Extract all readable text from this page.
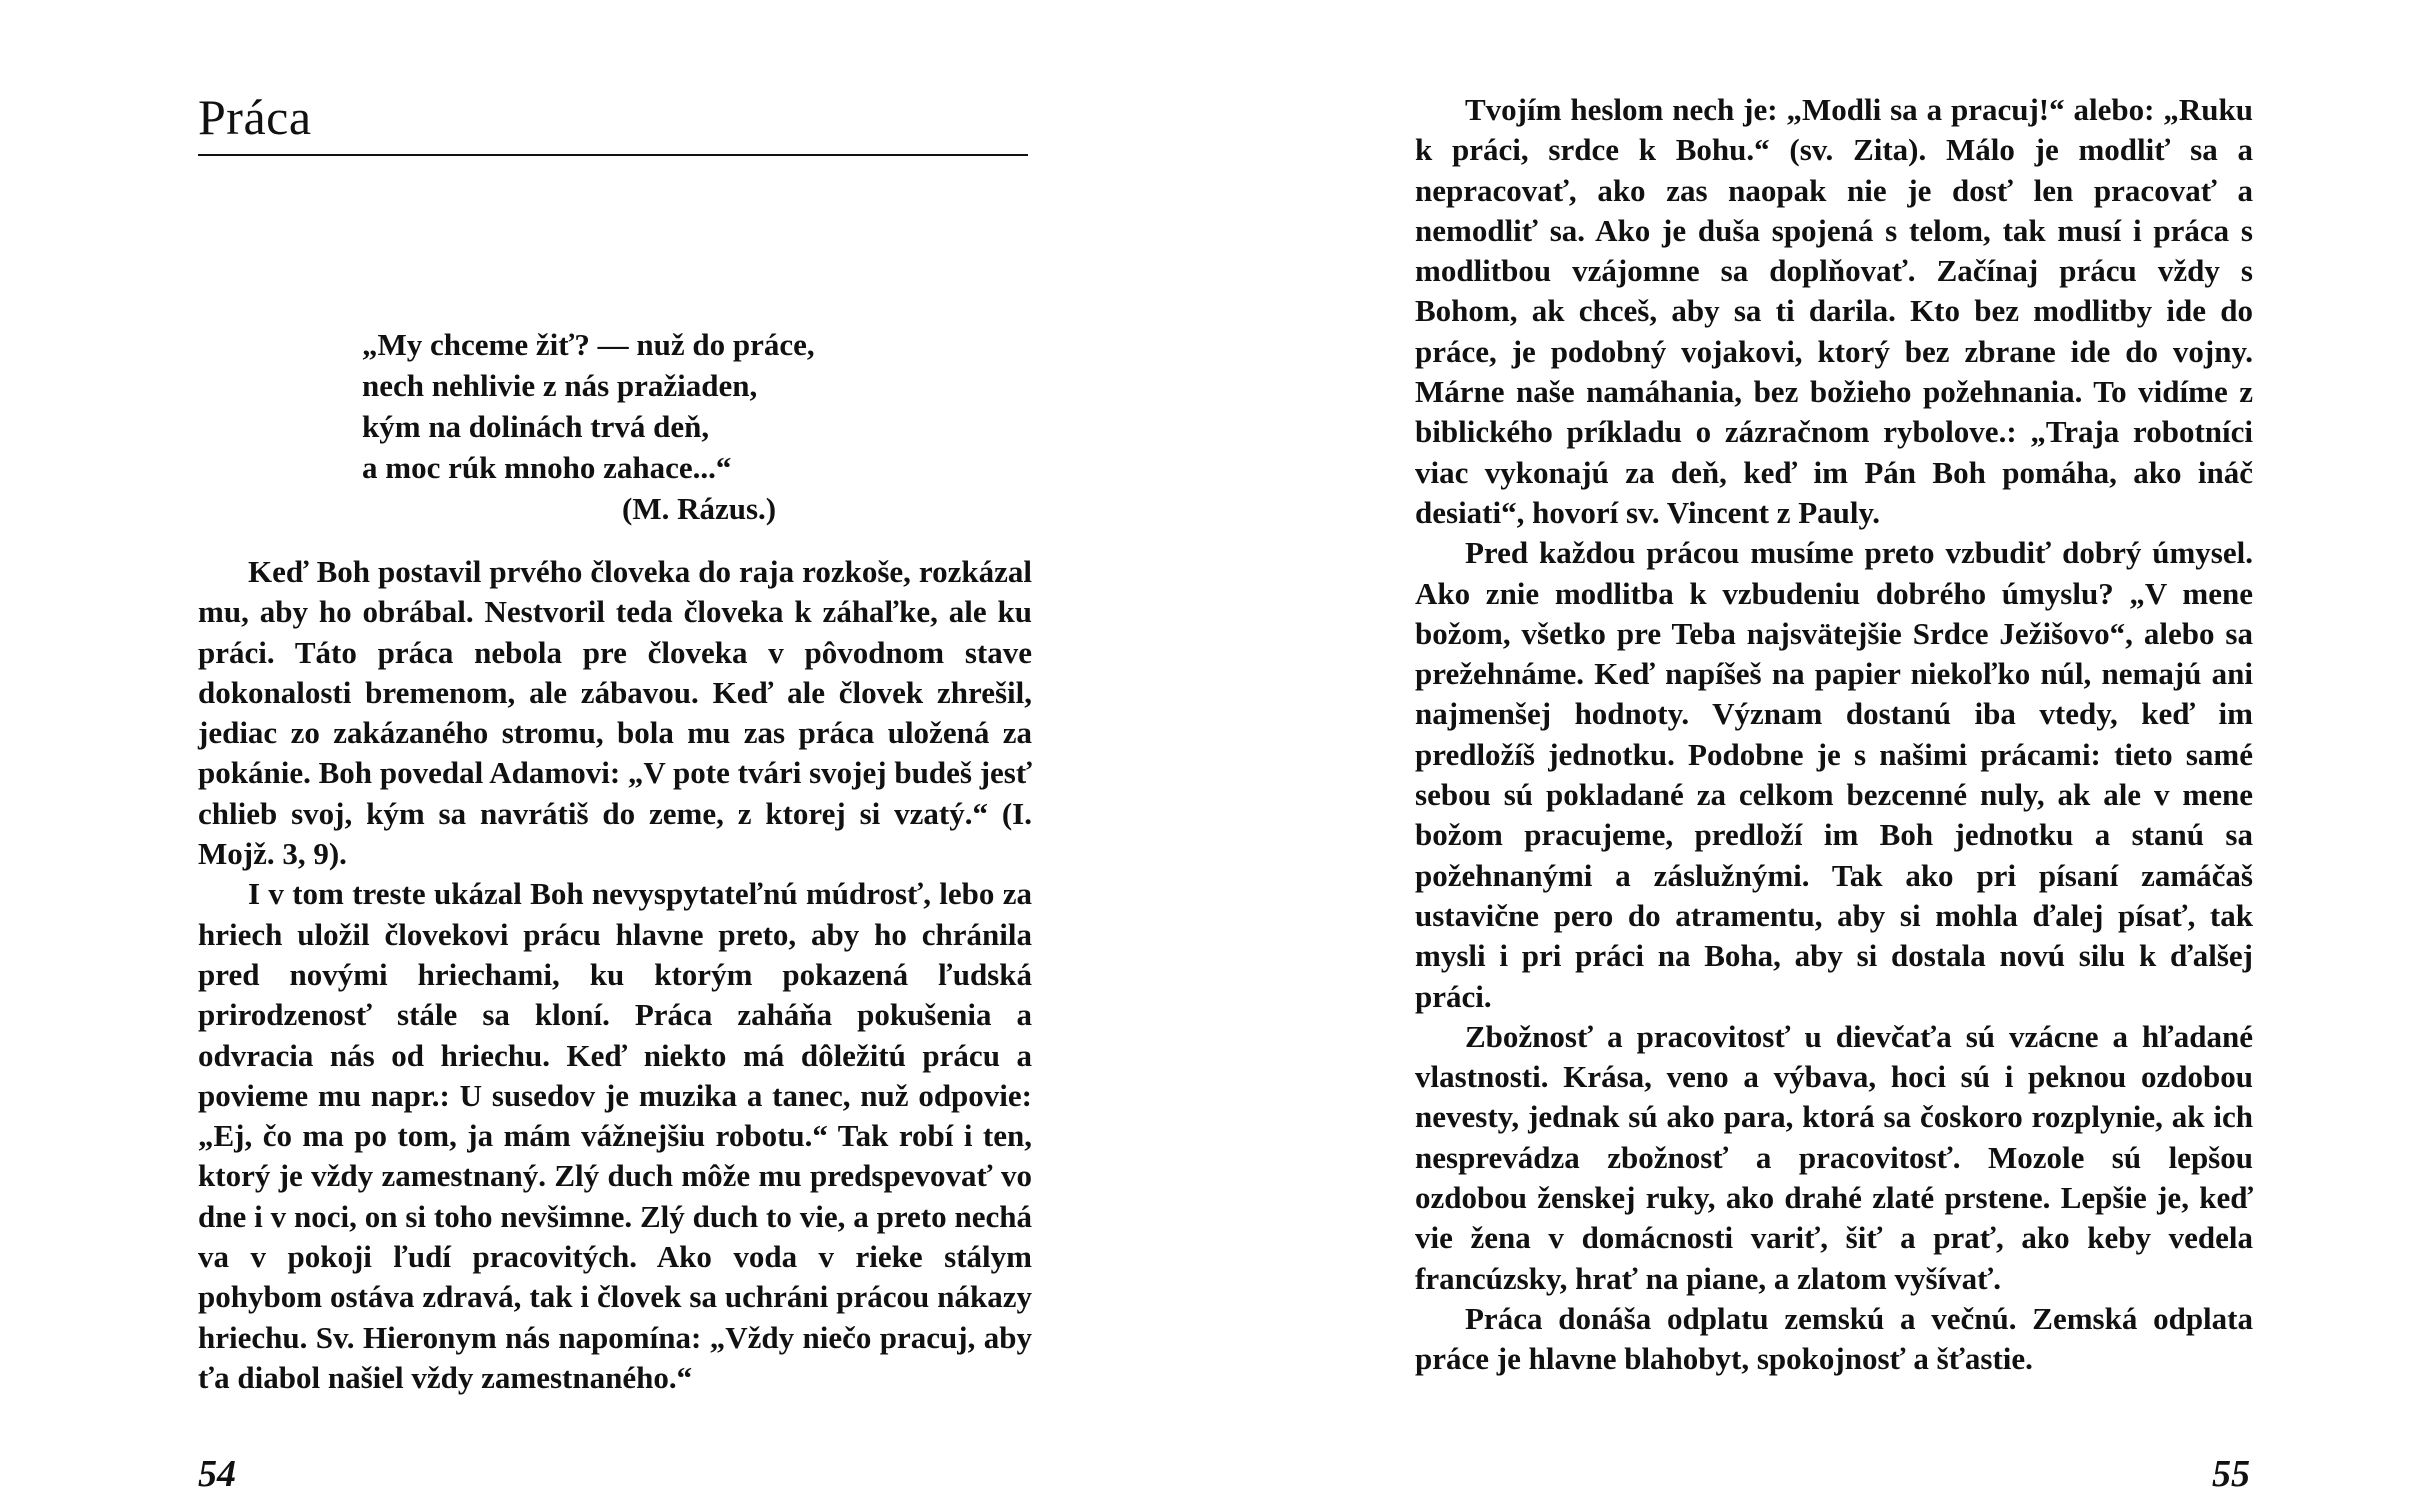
Práca
„My chceme žiť? — nuž do práce,
nech nehlivie z nás pražiaden,
kým na dolinách trvá deň,
a moc rúk mnoho zahace...“
(M. Rázus.)

Keď Boh postavil prvého človeka do raja rozkoše, rozkázal mu, aby ho obrábal. Nestvoril teda človeka k záhaľke, ale ku práci. Táto práca nebola pre človeka v pôvodnom stave dokonalosti bremenom, ale zábavou. Keď ale človek zhrešil, jediac zo zakázaného stromu, bola mu zas práca uložená za pokánie. Boh povedal Adamovi: „V pote tvári svojej budeš jesť chlieb svoj, kým sa navrátiš do zeme, z ktorej si vzatý.“ (I. Mojž. 3, 9).

I v tom treste ukázal Boh nevyspytateľnú múdrosť, lebo za hriech uložil človekovi prácu hlavne preto, aby ho chránila pred novými hriechami, ku ktorým pokazená ľudská prirodzenosť stále sa kloní. Práca zaháňa pokušenia a odvracia nás od hriechu. Keď niekto má dôležitú prácu a povieme mu napr.: U susedov je muzika a tanec, nuž odpovie: „Ej, čo ma po tom, ja mám vážnejšiu robotu.“ Tak robí i ten, ktorý je vždy zamestnaný. Zlý duch môže mu predspevovať vo dne i v noci, on si toho nevšimne. Zlý duch to vie, a preto nechá va v pokoji ľudí pracovitých. Ako voda v rieke stálym pohybom ostáva zdravá, tak i človek sa uchráni prácou nákazy hriechu. Sv. Hieronym nás napomína: „Vždy niečo pracuj, aby ťa diabol našiel vždy zamestnaného.“

54

Tvojím heslom nech je: „Modli sa a pracuj!“ alebo: „Ruku k práci, srdce k Bohu.“ (sv. Zita). Málo je modliť sa a nepracovať, ako zas naopak nie je dosť len pracovať a nemodliť sa. Ako je duša spojená s telom, tak musí i práca s modlitbou vzájomne sa doplňovať. Začínaj prácu vždy s Bohom, ak chceš, aby sa ti darila. Kto bez modlitby ide do práce, je podobný vojakovi, ktorý bez zbrane ide do vojny. Márne naše namáhania, bez božieho požehnania. To vidíme z biblického príkladu o zázračnom rybolove.: „Traja robotníci viac vykonajú za deň, keď im Pán Boh pomáha, ako ináč desiati“, hovorí sv. Vincent z Pauly.

Pred každou prácou musíme preto vzbudiť dobrý úmysel. Ako znie modlitba k vzbudeniu dobrého úmyslu? „V mene božom, všetko pre Teba najsvätejšie Srdce Ježišovo“, alebo sa prežehnáme. Keď napíšeš na papier niekoľko núl, nemajú ani najmenšej hodnoty. Význam dostanú iba vtedy, keď im predložíš jednotku. Podobne je s našimi prácami: tieto samé sebou sú pokladané za celkom bezcenné nuly, ak ale v mene božom pracujeme, predloží im Boh jednotku a stanú sa požehnanými a záslužnými. Tak ako pri písaní zamáčaš ustavične pero do atramentu, aby si mohla ďalej písať, tak mysli i pri práci na Boha, aby si dostala novú silu k ďalšej práci.

Zbožnosť a pracovitosť u dievčaťa sú vzácne a hľadané vlastnosti. Krása, veno a výbava, hoci sú i peknou ozdobou nevesty, jednak sú ako para, ktorá sa čoskoro rozplynie, ak ich nesprevádza zbožnosť a pracovitosť. Mozole sú lepšou ozdobou ženskej ruky, ako drahé zlaté prstene. Lepšie je, keď vie žena v domácnosti variť, šiť a prať, ako keby vedela francúzsky, hrať na piane, a zlatom vyšívať.

Práca donáša odplatu zemskú a večnú. Zemská odplata práce je hlavne blahobyt, spokojnosť a šťastie.

55
